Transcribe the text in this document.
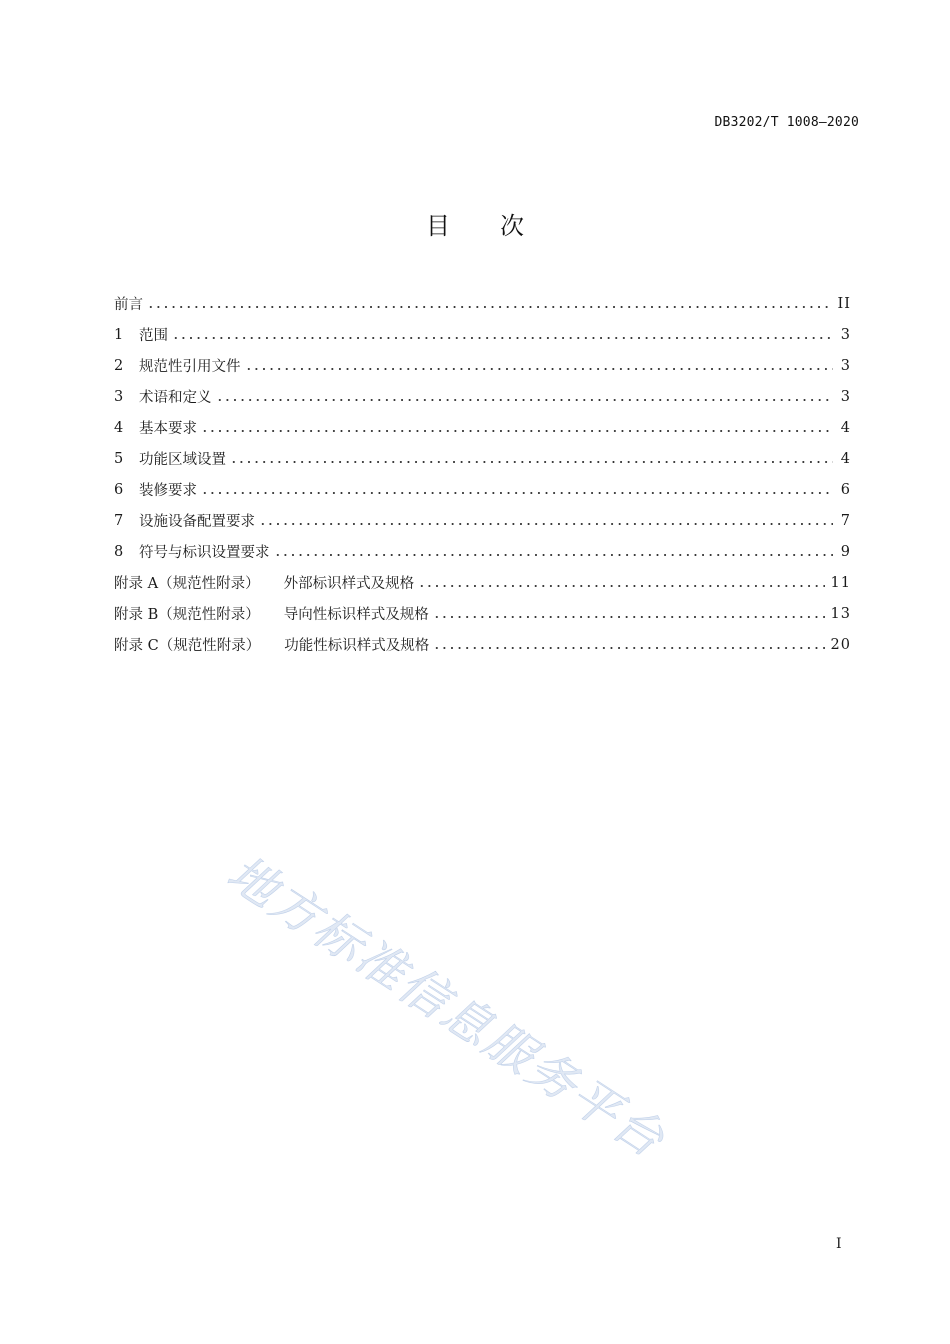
DB3202/T 1008—2020
目 次
前言	II
1	范围	3
2	规范性引用文件	3
3	术语和定义	3
4	基本要求	4
5	功能区域设置	4
6	装修要求	6
7	设施设备配置要求	7
8	符号与标识设置要求	9
附录 A（规范性附录） 外部标识样式及规格	11
附录 B（规范性附录） 导向性标识样式及规格	13
附录 C（规范性附录） 功能性标识样式及规格	20
地方标准信息服务平台
I
